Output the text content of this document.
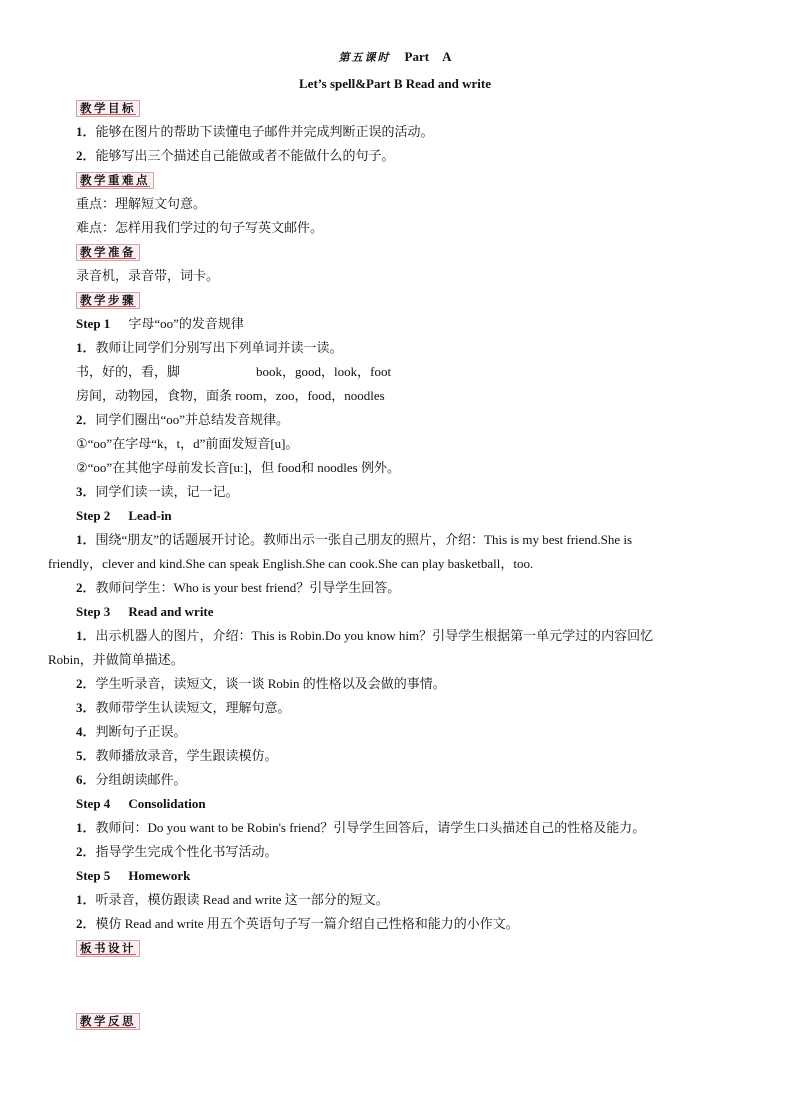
第五课时 Part　A
Let’s spell&Part B Read and write
教学目标
1．能够在图片的帮助下读懂电子邮件并完成判断正误的活动。
2．能够写出三个描述自己能做或者不能做什么的句子。
教学重难点
重点：理解短文句意。
难点：怎样用我们学过的句子写英文邮件。
教学准备
录音机，录音带，词卡。
教学步骤
Step 1 字母“oo”的发音规律
1．教师让同学们分别写出下列单词并读一读。
书，好的，看，脚	book，good，look，foot
房间，动物园，食物，面条 room，zoo，food，noodles
2．同学们圈出“oo”并总结发音规律。
①“oo”在字母“k，t，d”前面发短音[u]。
②“oo”在其他字母前发长音[uː]，但 food和 noodles 例外。
3．同学们读一读，记一记。
Step 2 Lead-in
1．围绕“朋友”的话题展开讨论。教师出示一张自己朋友的照片，介绍：This is my best friend.She is
friendly，clever and kind.She can speak English.She can cook.She can play basketball，too.
2．教师问学生：Who is your best friend？引导学生回答。
Step 3 Read and write
1．出示机器人的图片，介绍：This is Robin.Do you know him？引导学生根据第一单元学过的内容回忆
Robin，并做简单描述。
2．学生听录音，读短文，谈一谈 Robin 的性格以及会做的事情。
3．教师带学生认读短文，理解句意。
4．判断句子正误。
5．教师播放录音，学生跟读模仿。
6．分组朗读邮件。
Step 4 Consolidation
1．教师问：Do you want to be Robin's friend？引导学生回答后，请学生口头描述自己的性格及能力。
2．指导学生完成个性化书写活动。
Step 5 Homework
1．听录音，模仿跟读 Read and write 这一部分的短文。
2．模仿 Read and write 用五个英语句子写一篇介绍自己性格和能力的小作文。
板书设计
教学反思
